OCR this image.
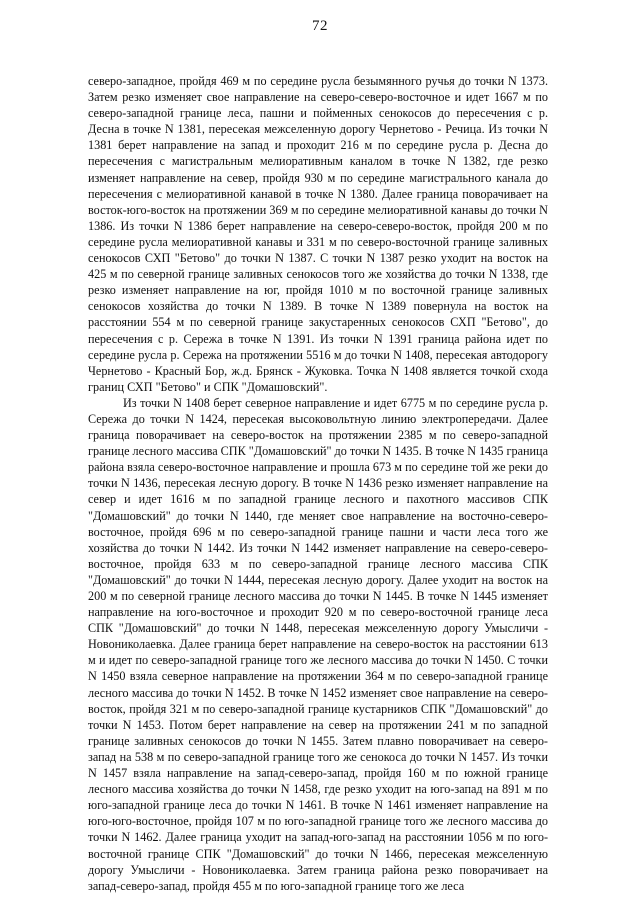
72

северо-западное, пройдя 469 м по середине русла безымянного ручья до точки N 1373. Затем резко изменяет свое направление на северо-северо-восточное и идет 1667 м по северо-западной границе леса, пашни и пойменных сенокосов до пересечения с р. Десна в точке N 1381, пересекая межселенную дорогу Чернетово - Речица. Из точки N 1381 берет направление на запад и проходит 216 м по середине русла р. Десна до пересечения с магистральным мелиоративным каналом в точке N 1382, где резко изменяет направление на север, пройдя 930 м по середине магистрального канала до пересечения с мелиоративной канавой в точке N 1380. Далее граница поворачивает на восток-юго-восток на протяжении 369 м по середине мелиоративной канавы до точки N 1386. Из точки N 1386 берет направление на северо-северо-восток, пройдя 200 м по середине русла мелиоративной канавы и 331 м по северо-восточной границе заливных сенокосов СХП "Бетово" до точки N 1387. С точки N 1387 резко уходит на восток на 425 м по северной границе заливных сенокосов того же хозяйства до точки N 1338, где резко изменяет направление на юг, пройдя 1010 м по восточной границе заливных сенокосов хозяйства до точки N 1389. В точке N 1389 повернула на восток на расстоянии 554 м по северной границе закустаренных сенокосов СХП "Бетово", до пересечения с р. Сережа в точке N 1391. Из точки N 1391 граница района идет по середине русла р. Сережа на протяжении 5516 м до точки N 1408, пересекая автодорогу Чернетово - Красный Бор, ж.д. Брянск - Жуковка. Точка N 1408 является точкой схода границ СХП "Бетово" и СПК "Домашовский".

Из точки N 1408 берет северное направление и идет 6775 м по середине русла р. Сережа до точки N 1424, пересекая высоковольтную линию электропередачи. Далее граница поворачивает на северо-восток на протяжении 2385 м по северо-западной границе лесного массива СПК "Домашовский" до точки N 1435. В точке N 1435 граница района взяла северо-восточное направление и прошла 673 м по середине той же реки до точки N 1436, пересекая лесную дорогу. В точке N 1436 резко изменяет направление на север и идет 1616 м по западной границе лесного и пахотного массивов СПК "Домашовский" до точки N 1440, где меняет свое направление на восточно-северо-восточное, пройдя 696 м по северо-западной границе пашни и части леса того же хозяйства до точки N 1442. Из точки N 1442 изменяет направление на северо-северо-восточное, пройдя 633 м по северо-западной границе лесного массива СПК "Домашовский" до точки N 1444, пересекая лесную дорогу. Далее уходит на восток на 200 м по северной границе лесного массива до точки N 1445. В точке N 1445 изменяет направление на юго-восточное и проходит 920 м по северо-восточной границе леса СПК "Домашовский" до точки N 1448, пересекая межселенную дорогу Умысличи - Новониколаевка. Далее граница берет направление на северо-восток на расстоянии 613 м и идет по северо-западной границе того же лесного массива до точки N 1450. С точки N 1450 взяла северное направление на протяжении 364 м по северо-западной границе лесного массива до точки N 1452. В точке N 1452 изменяет свое направление на северо-восток, пройдя 321 м по северо-западной границе кустарников СПК "Домашовский" до точки N 1453. Потом берет направление на север на протяжении 241 м по западной границе заливных сенокосов до точки N 1455. Затем плавно поворачивает на северо-запад на 538 м по северо-западной границе того же сенокоса до точки N 1457. Из точки N 1457 взяла направление на запад-северо-запад, пройдя 160 м по южной границе лесного массива хозяйства до точки N 1458, где резко уходит на юго-запад на 891 м по юго-западной границе леса до точки N 1461. В точке N 1461 изменяет направление на юго-юго-восточное, пройдя 107 м по юго-западной границе того же лесного массива до точки N 1462. Далее граница уходит на запад-юго-запад на расстоянии 1056 м по юго-восточной границе СПК "Домашовский" до точки N 1466, пересекая межселенную дорогу Умысличи - Новониколаевка. Затем граница района резко поворачивает на запад-северо-запад, пройдя 455 м по юго-западной границе того же леса
